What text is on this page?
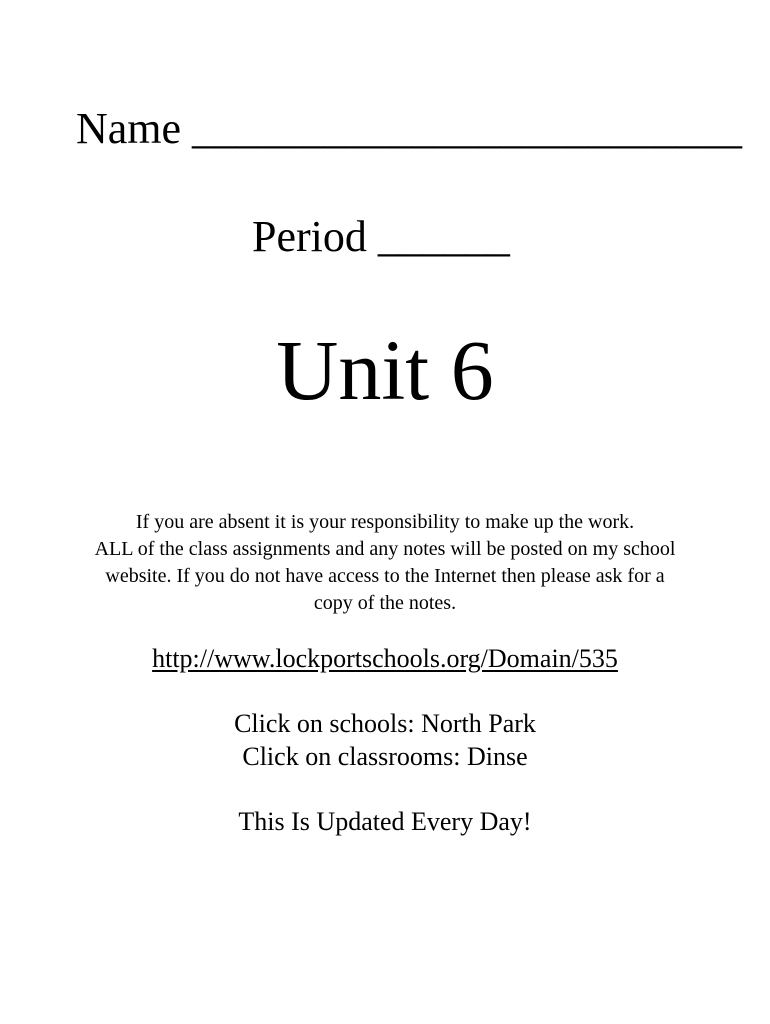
Name _________________________
Period ______
Unit 6
If you are absent it is your responsibility to make up the work.
ALL of the class assignments and any notes will be posted on my school
website. If you do not have access to the Internet then please ask for a
copy of the notes.
http://www.lockportschools.org/Domain/535
Click on schools: North Park
Click on classrooms: Dinse
This Is Updated Every Day!
